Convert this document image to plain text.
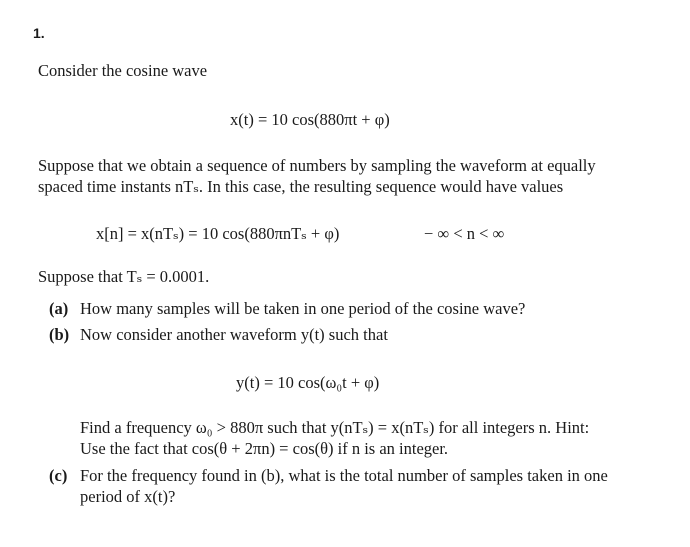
1.
Consider the cosine wave
x(t) = 10 cos(880πt + φ)
Suppose that we obtain a sequence of numbers by sampling the waveform at equally
spaced time instants nTₛ. In this case, the resulting sequence would have values
x[n] = x(nTₛ) = 10 cos(880πnTₛ + φ)	− ∞ < n < ∞
Suppose that Tₛ = 0.0001.
(a) How many samples will be taken in one period of the cosine wave?
(b) Now consider another waveform y(t) such that
y(t) = 10 cos(ω₀t + φ)
Find a frequency ω₀ > 880π such that y(nTₛ) = x(nTₛ) for all integers n. Hint:
Use the fact that cos(θ + 2πn) = cos(θ) if n is an integer.
(c) For the frequency found in (b), what is the total number of samples taken in one
period of x(t)?
